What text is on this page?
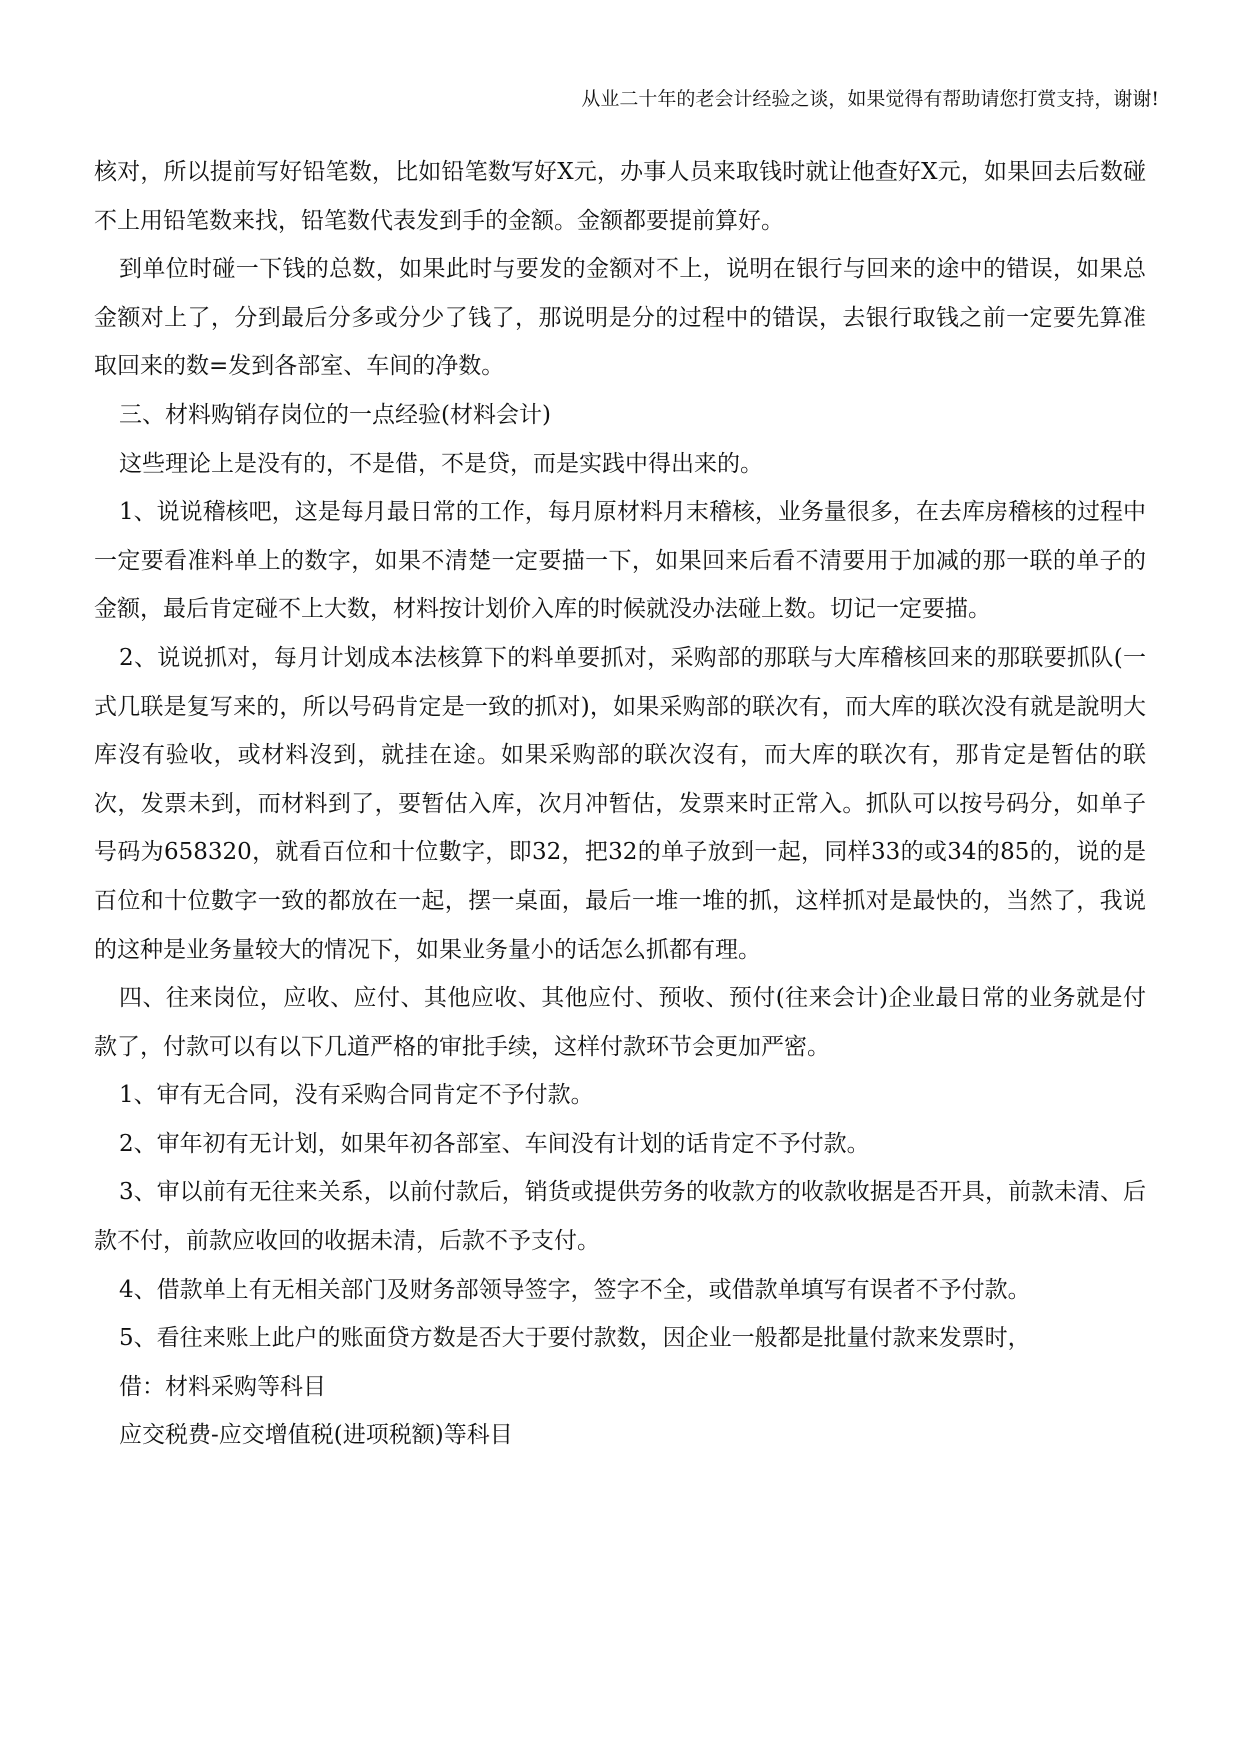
从业二十年的老会计经验之谈，如果觉得有帮助请您打赏支持，谢谢!

核对，所以提前写好铅笔数，比如铅笔数写好X元，办事人员来取钱时就让他查好X元，如果回去后数碰不上用铅笔数来找，铅笔数代表发到手的金额。金额都要提前算好。

到单位时碰一下钱的总数，如果此时与要发的金额对不上，说明在银行与回来的途中的错误，如果总金额对上了，分到最后分多或分少了钱了，那说明是分的过程中的错误，去银行取钱之前一定要先算准取回来的数=发到各部室、车间的净数。

三、材料购销存岗位的一点经验(材料会计)

这些理论上是没有的，不是借，不是贷，而是实践中得出来的。

1、说说稽核吧，这是每月最日常的工作，每月原材料月末稽核，业务量很多，在去库房稽核的过程中一定要看准料单上的数字，如果不清楚一定要描一下，如果回来后看不清要用于加减的那一联的单子的金额，最后肯定碰不上大数，材料按计划价入库的时候就没办法碰上数。切记一定要描。

2、说说抓对，每月计划成本法核算下的料单要抓对，采购部的那联与大库稽核回来的那联要抓队(一式几联是复写来的，所以号码肯定是一致的抓对)，如果采购部的联次有，而大库的联次没有就是說明大库沒有验收，或材料沒到，就挂在途。如果采购部的联次沒有，而大库的联次有，那肯定是暂估的联次，发票未到，而材料到了，要暂估入库，次月冲暂估，发票来时正常入。抓队可以按号码分，如单子号码为658320，就看百位和十位數字，即32，把32的单子放到一起，同样33的或34的85的，说的是百位和十位數字一致的都放在一起，摆一桌面，最后一堆一堆的抓，这样抓对是最快的，当然了，我说的这种是业务量较大的情况下，如果业务量小的话怎么抓都有理。

四、往来岗位，应收、应付、其他应收、其他应付、预收、预付(往来会计)企业最日常的业务就是付款了，付款可以有以下几道严格的审批手续，这样付款环节会更加严密。

1、审有无合同，没有采购合同肯定不予付款。

2、审年初有无计划，如果年初各部室、车间没有计划的话肯定不予付款。

3、审以前有无往来关系，以前付款后，销货或提供劳务的收款方的收款收据是否开具，前款未清、后款不付，前款应收回的收据未清，后款不予支付。

4、借款单上有无相关部门及财务部领导签字，签字不全，或借款单填写有误者不予付款。

5、看往来账上此户的账面贷方数是否大于要付款数，因企业一般都是批量付款来发票时，

借：材料采购等科目

应交税费-应交增值税(进项税额)等科目
